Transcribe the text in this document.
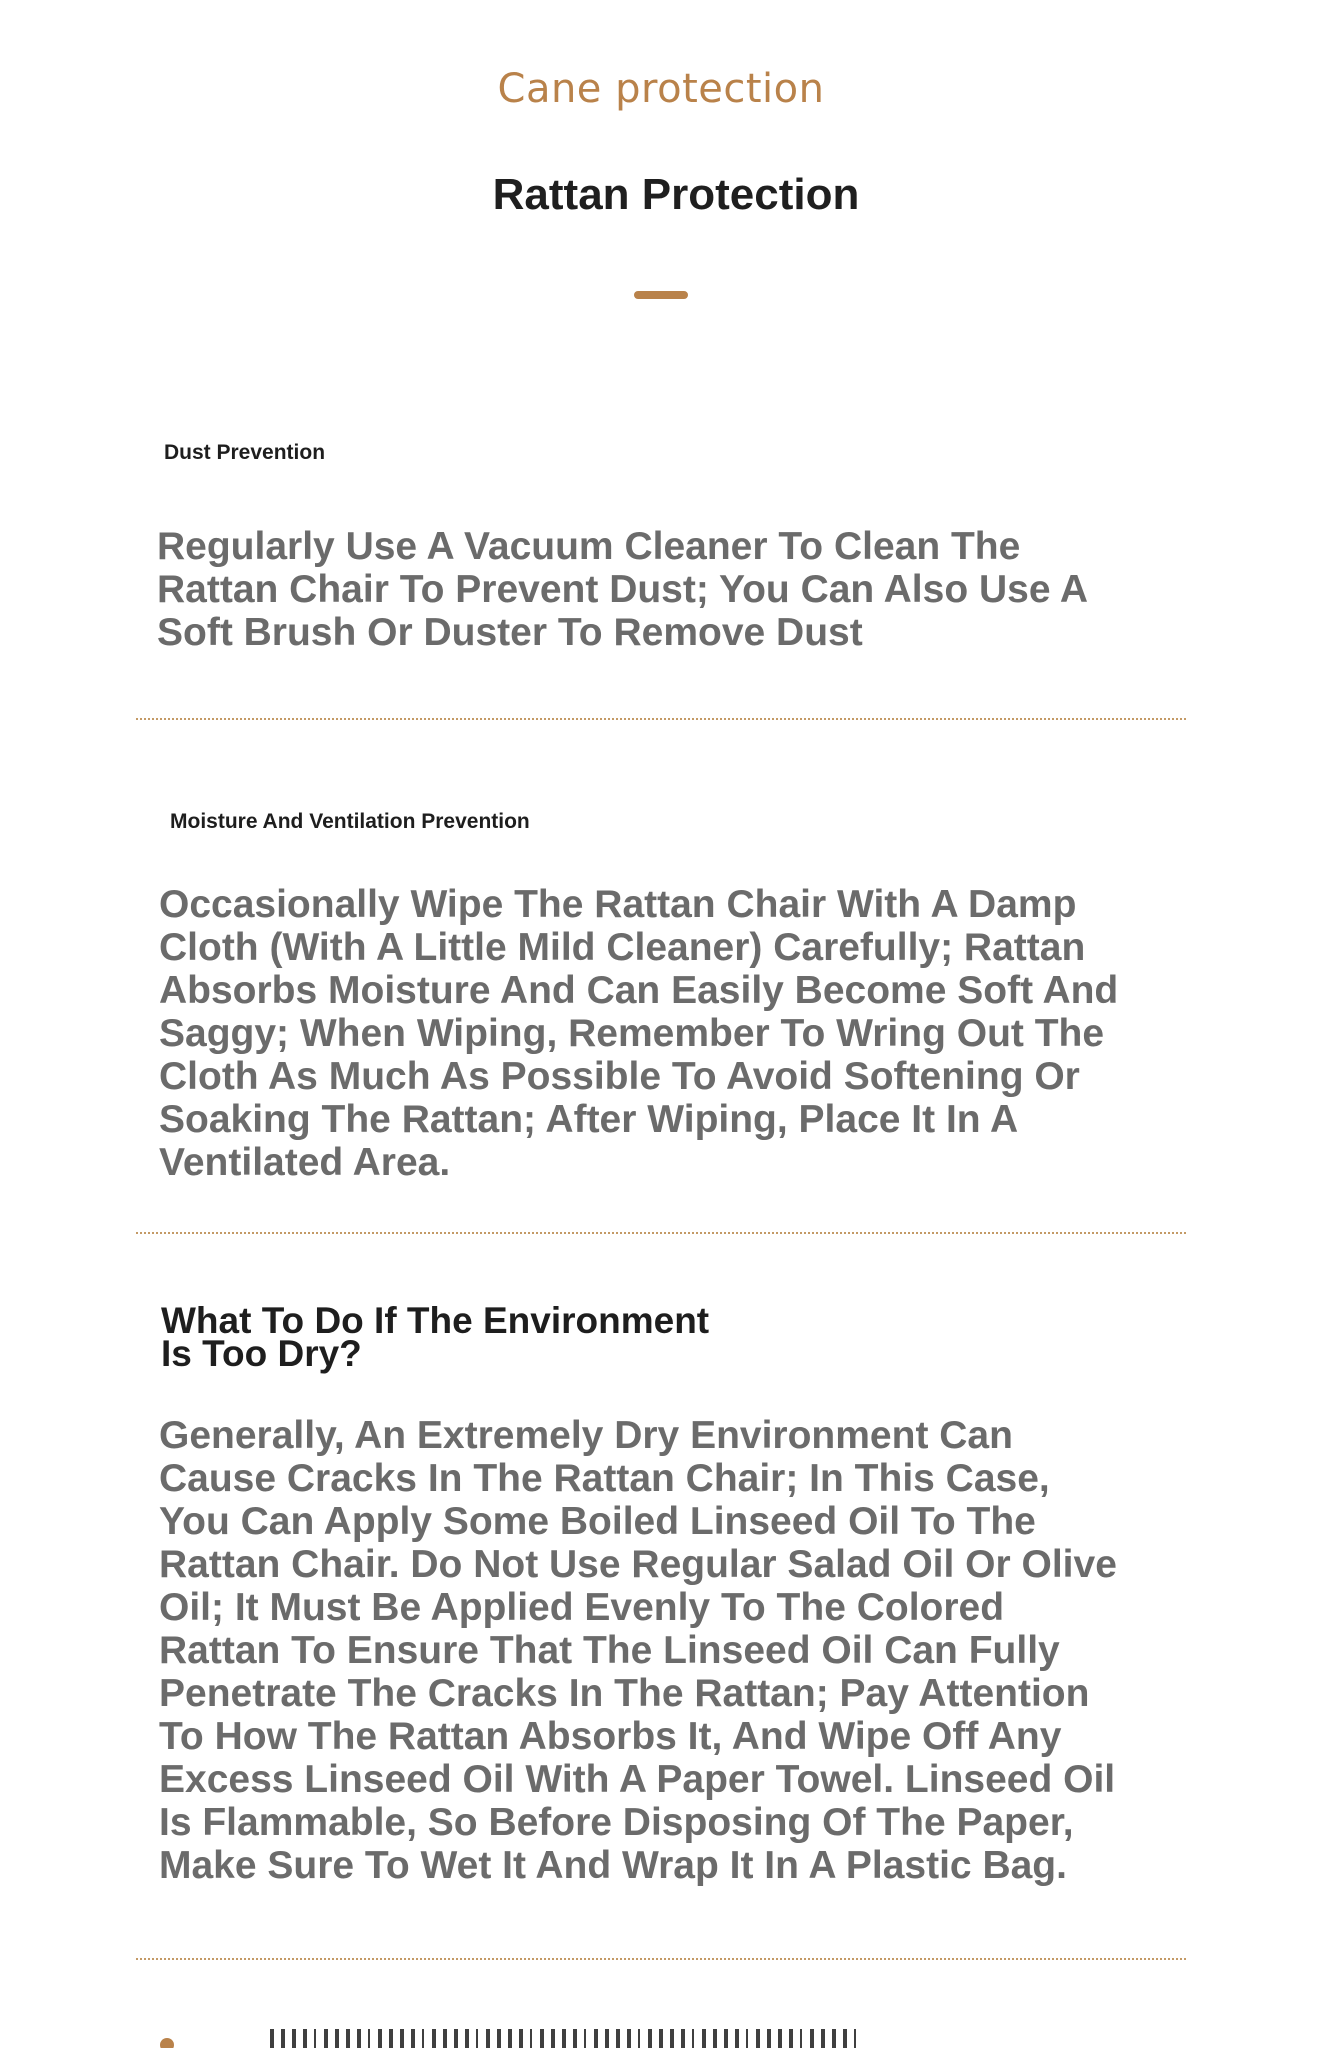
Cane protection
Rattan Protection
Dust Prevention
Regularly Use A Vacuum Cleaner To Clean The Rattan Chair To Prevent Dust; You Can Also Use A Soft Brush Or Duster To Remove Dust
Moisture And Ventilation Prevention
Occasionally Wipe The Rattan Chair With A Damp Cloth (With A Little Mild Cleaner) Carefully; Rattan Absorbs Moisture And Can Easily Become Soft And Saggy; When Wiping, Remember To Wring Out The Cloth As Much As Possible To Avoid Softening Or Soaking The Rattan; After Wiping, Place It In A Ventilated Area.
What To Do If The Environment Is Too Dry?
Generally, An Extremely Dry Environment Can Cause Cracks In The Rattan Chair; In This Case, You Can Apply Some Boiled Linseed Oil To The Rattan Chair. Do Not Use Regular Salad Oil Or Olive Oil; It Must Be Applied Evenly To The Colored Rattan To Ensure That The Linseed Oil Can Fully Penetrate The Cracks In The Rattan; Pay Attention To How The Rattan Absorbs It, And Wipe Off Any Excess Linseed Oil With A Paper Towel. Linseed Oil Is Flammable, So Before Disposing Of The Paper, Make Sure To Wet It And Wrap It In A Plastic Bag.
